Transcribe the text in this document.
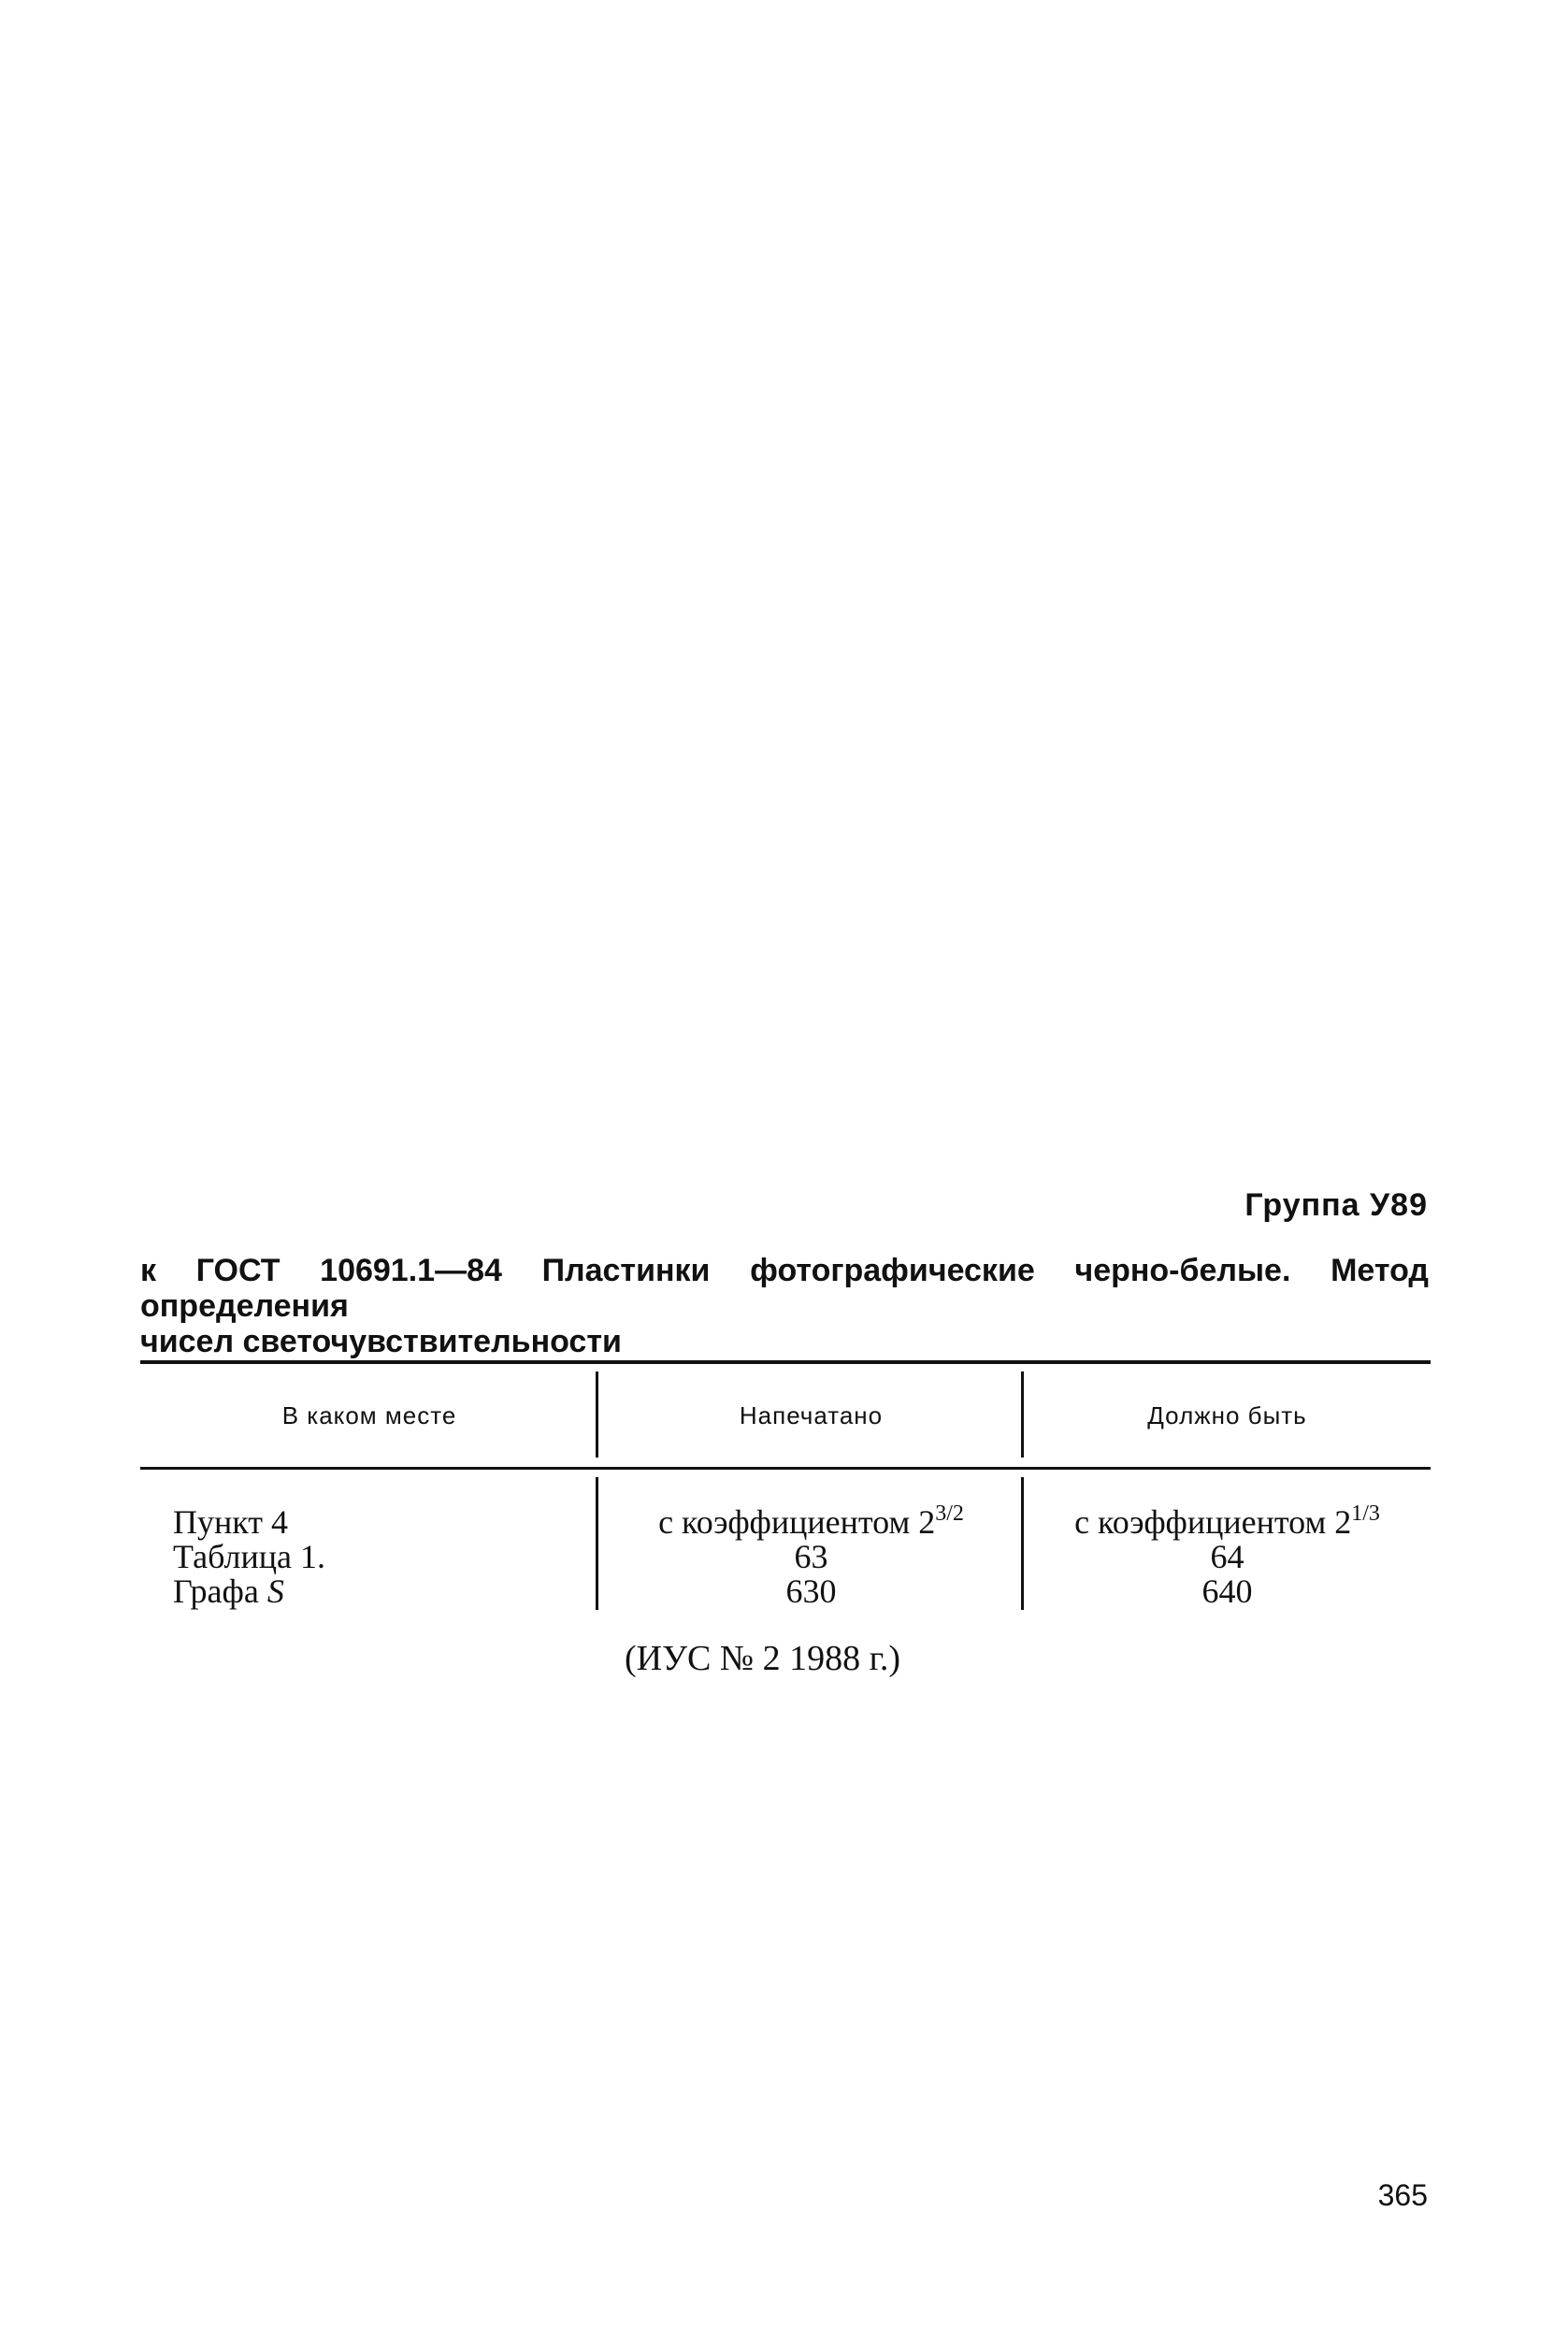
Группа У89
к ГОСТ 10691.1—84 Пластинки фотографические черно-белые. Метод определения
чисел светочувствительности
В каком месте	Напечатано	Должно быть
Пункт 4
Таблица 1.
Графа S
с коэффициентом $2^{3/2}$
63
630
с коэффициентом $2^{1/3}$
64
640
(ИУС № 2 1988 г.)
365
